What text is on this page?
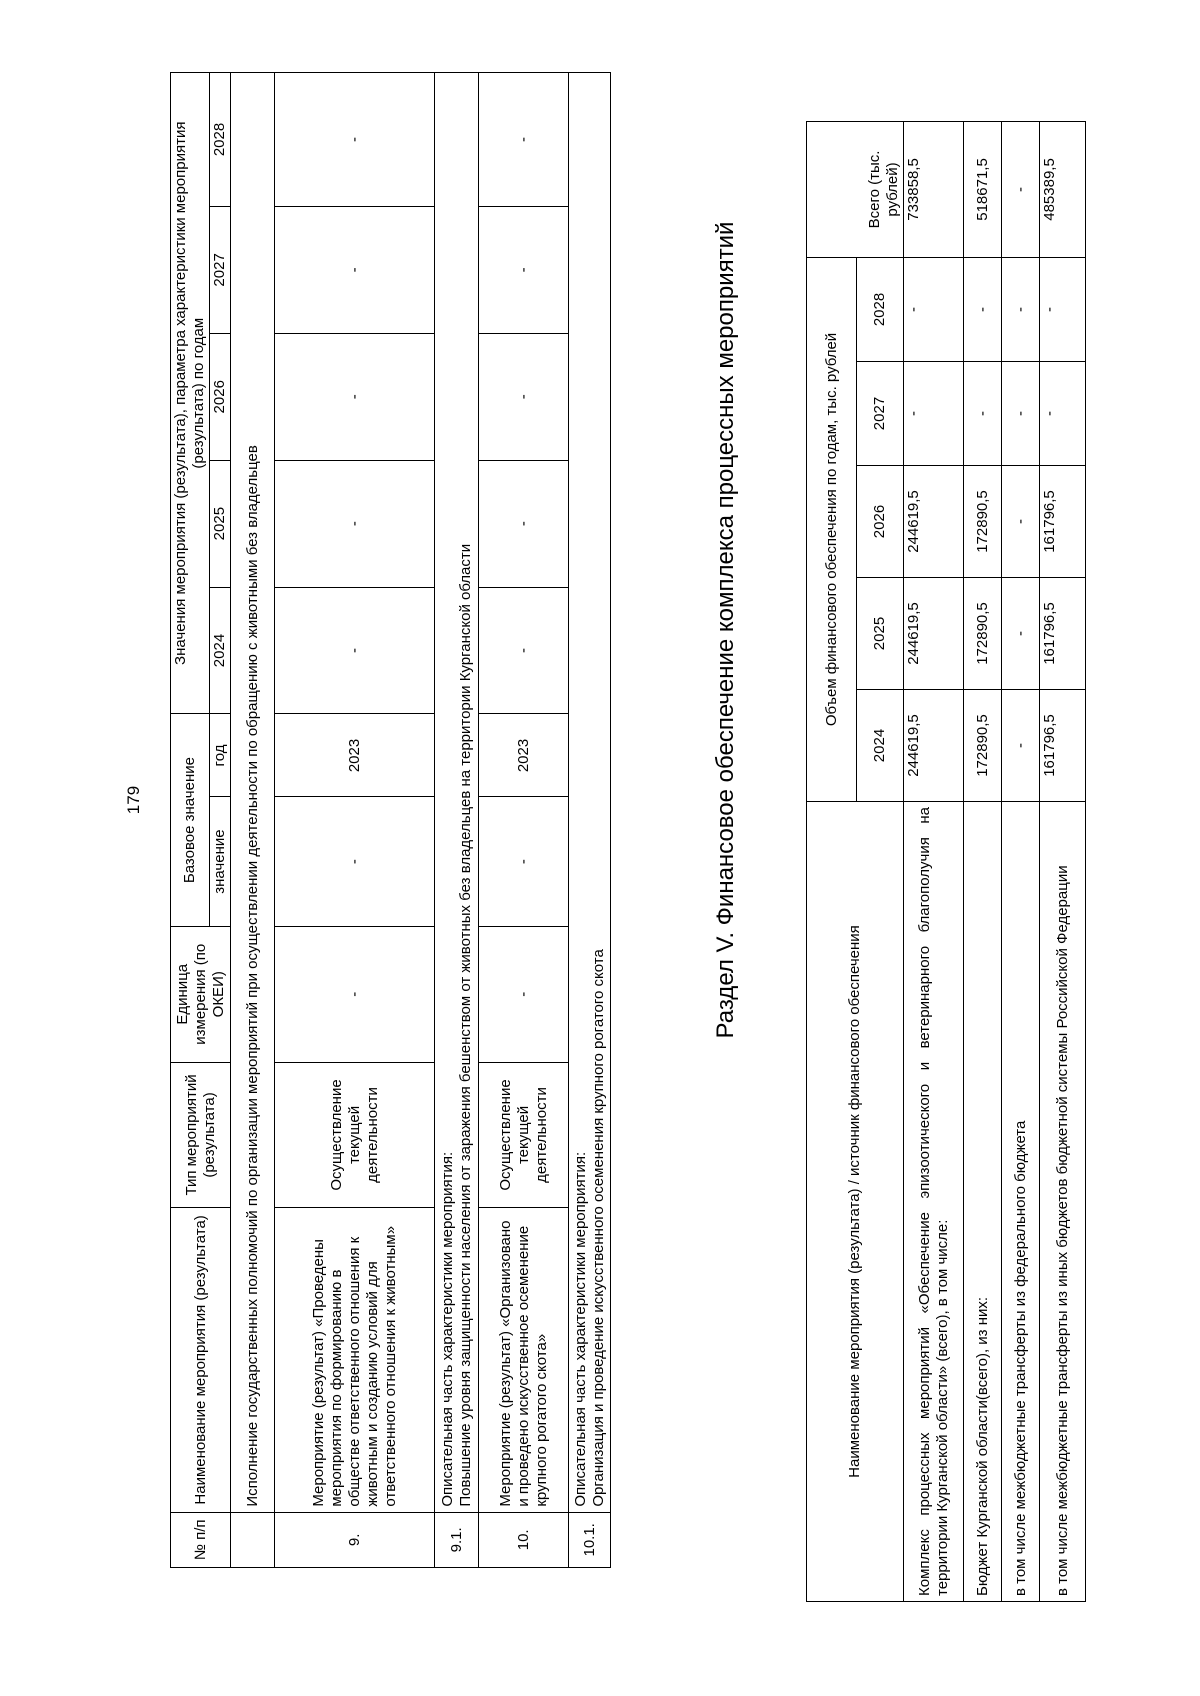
179
№ п/п	Наименование мероприятия (результата)	Тип мероприятий (результата)	Единица измерения (по ОКЕИ)	Базовое значение		Значения мероприятия (результата), параметра характеристики мероприятия (результата) по годам				

				значение	год	2024	2025	2026	2027	2028
	Исполнение государственных полномочий по организации мероприятий при осуществлении деятельности по обращению с животными без владельцев									
9.	Мероприятие (результат) «Проведены мероприятия по формированию в обществе ответственного отношения к животным и созданию условий для ответственного отношения к животным»	Осуществление текущей деятельности	-	-	2023	-	-	-	-	-
9.1.	Описательная часть характеристики мероприятия: Повышение уровня защищенности населения от заражения бешенством от животных без владельцев на территории Курганской области									

10.	Мероприятие (результат) «Организовано и проведено искусственное осеменение крупного рогатого скота»	Осуществление текущей деятельности	-	-	2023	-	-	-	-	-
10.1.	Описательная часть характеристики мероприятия: Организация и проведение искусственного осеменения крупного рогатого скота									
Раздел V. Финансовое обеспечение комплекса процессных мероприятий
Наименование мероприятия (результата) / источник финансового обеспечения	Объем финансового обеспечения по годам, тыс. рублей					Всего (тыс. рублей)
	2024	2025	2026	2027	2028	
Комплекс процессных мероприятий «Обеспечение эпизоотического и ветеринарного благополучия на территории Курганской области» (всего), в том числе:	244619,5	244619,5	244619,5	-	-	733858,5
Бюджет Курганской области(всего), из них:	172890,5	172890,5	172890,5	-	-	518671,5
в том числе межбюджетные трансферты из федерального бюджета	-	-	-	-	-	-
в том числе межбюджетные трансферты из иных бюджетов бюджетной системы Российской Федерации	161796,5	161796,5	161796,5	-	-	485389,5
